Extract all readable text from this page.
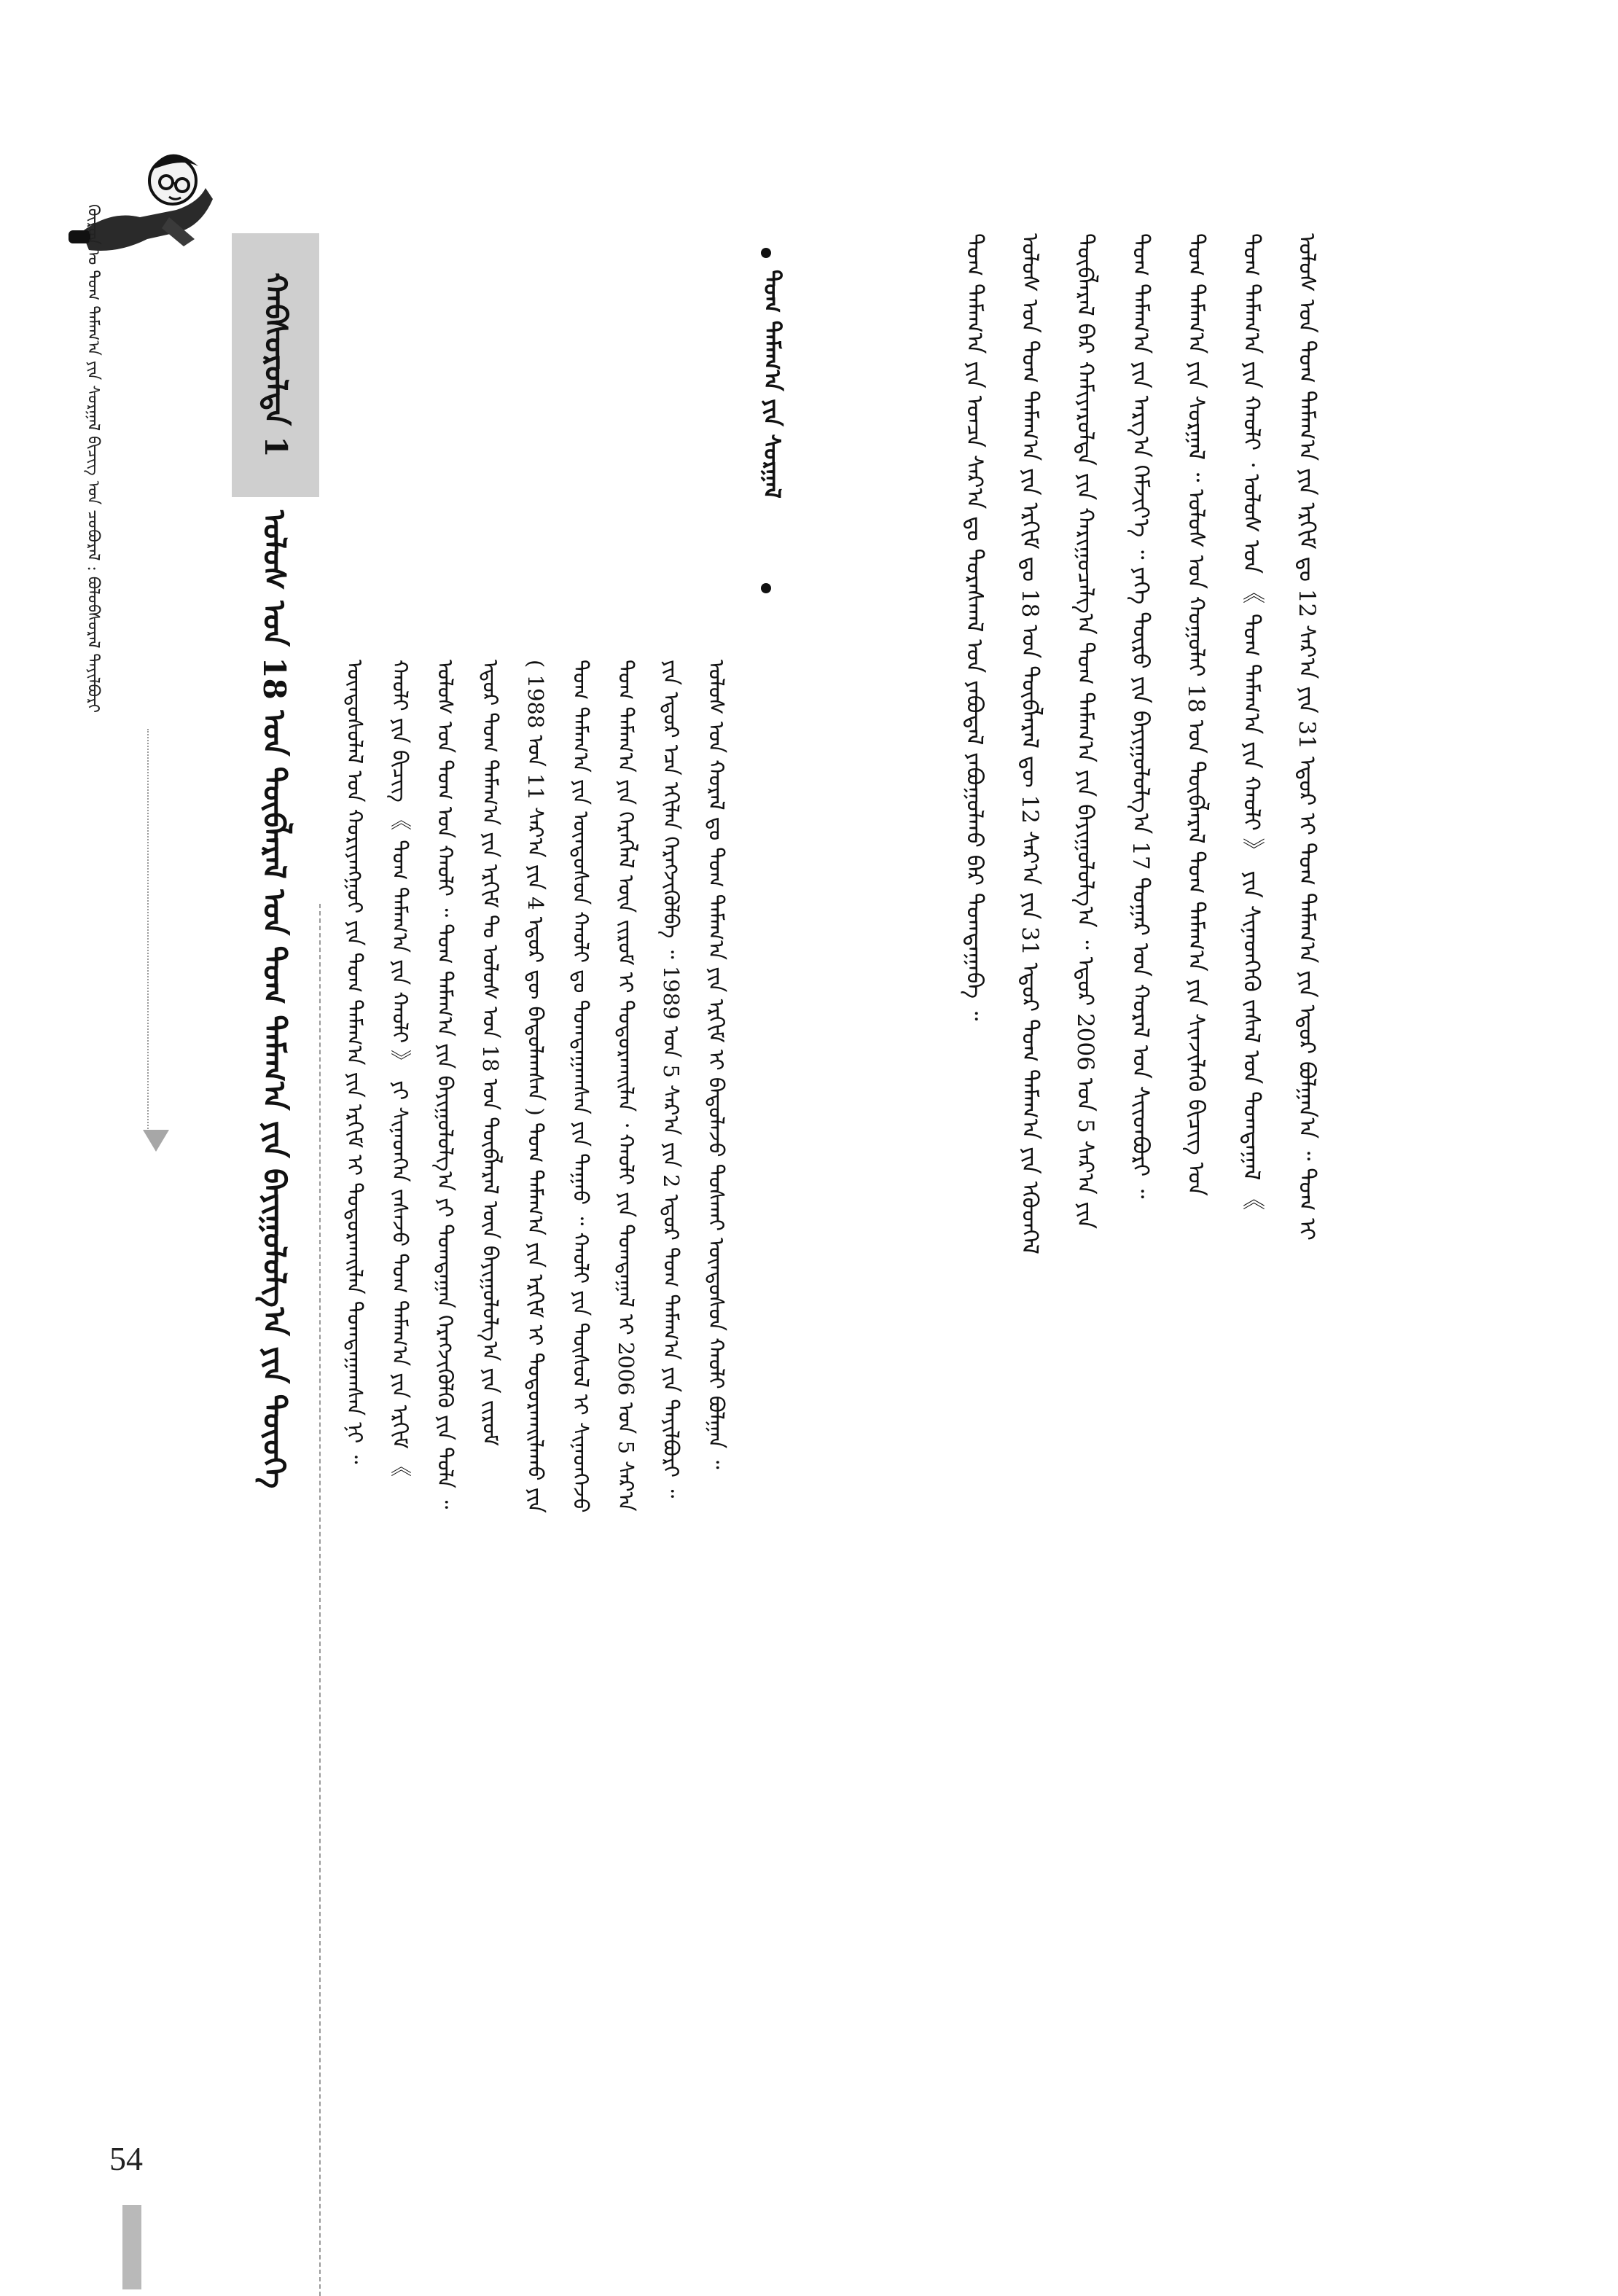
ᠭᠦᠷᠦᠨ ᠤ ᠲᠤᠭ ᠲᠠᠮᠠᠭ᠎ᠠ ᠶᠢᠨ ᠰᠤᠷᠭᠠᠯ ᠪᠢᠴᠢᠭ ᠤᠨ ᠴᠤᠪᠤᠷᠠᠯ : ᠪᠤᠯᠤᠪᠰᠤᠷᠠᠯ ᠲᠠᠶᠢᠯᠪᠤᠷᠢ	ᠬᠠᠪᠰᠤᠷᠤᠯᠲᠠ 1
ᠤᠯᠤᠰ ᠤᠨ 18 ᠤᠨ ᠲᠦᠪᠯᠡᠷᠡᠯ ᠤᠨ ᠲᠤᠭ ᠲᠠᠮᠠᠭ᠎ᠠ ᠶᠢᠨ ᠪᠠᠶᠢᠭᠤᠯᠤᠯᠭ᠎ᠠ ᠶᠢᠨ ᠲᠦᠦᠬᠡ	ᠦᠨᠳᠦᠰᠦᠯᠡᠯ ᠤᠨ ᠬᠤᠷᠢᠶᠠᠩᠭᠤᠢ ᠶᠢᠨ ᠲᠤᠭ ᠲᠠᠮᠠᠭ᠎ᠠ ᠶᠢᠨ ᠡᠷᠬᠢᠮ ᠢ ᠲᠤᠳᠤᠷᠬᠠᠢᠯᠠᠨ ᠲᠣᠭᠲᠠᠭᠠᠭᠰᠠᠨ ᠨᠢ ᠃ ᠬᠠᠤᠯᠢ ᠶᠢᠨ ᠪᠢᠴᠢᠭ 《 ᠲᠤᠭ ᠲᠠᠮᠠᠭ᠎ᠠ ᠶᠢᠨ ᠬᠠᠤᠯᠢ 》 ᠶᠢ ᠰᠢᠨᠡᠳᠬᠡᠨ ᠵᠠᠰᠠᠵᠤ ᠲᠤᠭ ᠲᠠᠮᠠᠭ᠎ᠠ ᠶᠢᠨ ᠡᠷᠬᠢᠮ 《 ᠤᠯᠤᠰ ᠤᠨ ᠲᠤᠭ ᠤᠨ ᠬᠠᠤᠯᠢ ᠃ ᠲᠤᠭ ᠲᠠᠮᠠᠭ᠎ᠠ ᠶᠢᠨ ᠪᠠᠶᠢᠭᠤᠯᠤᠯᠭ᠎ᠠ ᠶᠢ ᠲᠣᠭᠲᠠᠭᠠᠨ ᠬᠡᠷᠡᠭᠵᠢᠭᠦᠯᠬᠦ ᠶᠢᠨ ᠲᠤᠯᠠ ᠃ ᠡᠳᠦᠷ ᠲᠤᠭ ᠲᠠᠮᠠᠭ᠎ᠠ ᠶᠢᠨ ᠡᠷᠬᠢᠮ ᠲᠤ ᠤᠯᠤᠰ ᠤᠨ 18 ᠤᠨ ᠲᠦᠪᠯᠡᠷᠡᠯ ᠦᠨ ᠪᠠᠶᠢᠭᠤᠯᠤᠯᠭ᠎ᠠ ᠶᠢᠨ ᠵᠢᠷᠤᠮ ( 1988 ᠤᠨ 11 ᠰᠠᠷ᠎ᠠ ᠶᠢᠨ 4 ᠡᠳᠦᠷ ᠳᠦ ᠪᠠᠲᠤᠯᠠᠭᠰᠠᠨ ) ᠲᠤᠭ ᠲᠠᠮᠠᠭ᠎ᠠ ᠶᠢᠨ ᠡᠷᠬᠢᠮ ᠢ ᠲᠤᠳᠤᠷᠬᠠᠢᠯᠠᠬᠤ ᠶᠢᠨ ᠲᠤᠭ ᠲᠠᠮᠠᠭ᠎ᠠ ᠶᠢᠨ ᠦᠨᠳᠦᠰᠦᠨ ᠬᠠᠤᠯᠢ ᠳᠤ ᠲᠣᠭᠲᠠᠭᠠᠭᠰᠠᠨ ᠶᠢᠨ ᠳᠠᠭᠠᠤ ᠃ ᠬᠠᠤᠯᠢ ᠶᠢᠨ ᠲᠦᠰᠦᠯ ᠢ ᠰᠢᠨᠡᠳᠬᠡᠵᠦ ᠲᠤᠭ ᠲᠠᠮᠠᠭ᠎ᠠ ᠶᠢᠨ ᠬᠡᠷᠡᠭᠯᠡᠯ ᠦᠨ ᠵᠢᠷᠤᠮ ᠢ ᠲᠤᠳᠤᠷᠬᠠᠢᠯᠠᠨ ᠂ ᠬᠠᠤᠯᠢ ᠶᠢᠨ ᠲᠣᠭᠲᠠᠭᠠᠯ ᠢ 2006 ᠤᠨ 5 ᠰᠠᠷ᠎ᠠ ᠶᠢᠨ ᠡᠳᠦᠷ ᠡᠴᠡ ᠡᠬᠢᠯᠡᠨ ᠬᠡᠷᠡᠭᠵᠢᠭᠦᠯᠪᠡ ᠃ 1989 ᠤᠨ 5 ᠰᠠᠷ᠎ᠠ ᠶᠢᠨ 2 ᠡᠳᠦᠷ ᠲᠤᠭ ᠲᠠᠮᠠᠭ᠎ᠠ ᠶᠢᠨ ᠲᠠᠶᠢᠯᠪᠤᠷᠢ ᠃ ᠤᠯᠤᠰ ᠤᠨ ᠬᠤᠷᠠᠯ ᠳᠤ ᠲᠤᠭ ᠲᠠᠮᠠᠭ᠎ᠠ ᠶᠢᠨ ᠡᠷᠬᠢᠮ ᠢ ᠪᠠᠲᠤᠯᠠᠵᠤ ᠲᠤᠰᠬᠠᠢ ᠦᠨᠳᠦᠰᠦᠨ ᠬᠠᠤᠯᠢ ᠪᠣᠯᠭᠠᠨ ᠃
ᠲᠤᠭ ᠲᠠᠮᠠᠭ᠎ᠠ ᠶᠢᠨ ᠰᠤᠷᠭᠠᠯ	ᠲᠤᠭ ᠲᠠᠮᠠᠭ᠎ᠠ ᠶᠢᠨ ᠤᠨᠴᠠ ᠰᠠᠷ᠎ᠠ ᠳᠤ ᠳᠤᠷᠠᠰᠬᠠᠯ ᠤᠨ ᠶᠠᠪᠤᠳᠠᠯ ᠶᠠᠪᠤᠭᠤᠯᠬᠤ ᠪᠠᠷ ᠲᠣᠭᠲᠠᠭᠠᠪᠠ ᠃ ᠤᠯᠤᠰ ᠤᠨ ᠲᠤᠭ ᠲᠠᠮᠠᠭ᠎ᠠ ᠶᠢᠨ ᠡᠷᠬᠢᠮ ᠳᠤ 18 ᠤᠨ ᠲᠦᠪᠯᠡᠷᠡᠯ ᠳᠦ 12 ᠰᠠᠷ᠎ᠠ ᠶᠢᠨ 31 ᠡᠳᠦᠷ ᠲᠤᠭ ᠲᠠᠮᠠᠭ᠎ᠠ ᠶᠢᠨ ᠡᠭᠦᠳᠬᠡᠯ ᠲᠦᠪᠯᠡᠷᠡᠯ ᠪᠡᠷ ᠬᠠᠮᠢᠶᠠᠷᠤᠯᠲᠠ ᠶᠢᠨ ᠬᠠᠷᠢᠭᠤᠴᠠᠯᠭ᠎ᠠ ᠲᠤᠭ ᠲᠠᠮᠠᠭ᠎ᠠ ᠶᠢᠨ ᠪᠠᠶᠢᠭᠤᠯᠤᠯᠭ᠎ᠠ ᠃ ᠡᠳᠦᠷ 2006 ᠤᠨ 5 ᠰᠠᠷ᠎ᠠ ᠶᠢᠨ ᠲᠤᠭ ᠲᠠᠮᠠᠭ᠎ᠠ ᠶᠢᠨ ᠠᠷᠭ᠎ᠠ ᠬᠡᠮᠵᠢᠶ᠎ᠡ ᠃ ᠶᠡᠬᠡ ᠲᠦᠷᠦ ᠶᠢᠨ ᠪᠠᠶᠢᠭᠤᠯᠤᠯᠭ᠎ᠠ 17 ᠳᠤᠭᠠᠷ ᠤᠨ ᠬᠤᠷᠠᠯ ᠤᠨ ᠰᠢᠢᠳᠪᠦᠷᠢ ᠃ ᠲᠤᠭ ᠲᠠᠮᠠᠭ᠎ᠠ ᠶᠢᠨ ᠰᠤᠷᠭᠠᠯ ᠃ ᠤᠯᠤᠰ ᠤᠨ ᠬᠤᠭᠤᠯᠠᠢ 18 ᠤᠨ ᠲᠦᠪᠯᠡᠷᠡᠯ ᠲᠤᠭ ᠲᠠᠮᠠᠭ᠎ᠠ ᠶᠢᠨ ᠰᠢᠨᠵᠢᠯᠡᠬᠦ ᠪᠢᠴᠢᠭ ᠤᠨ ᠲᠤᠭ ᠲᠠᠮᠠᠭ᠎ᠠ ᠶᠢᠨ ᠬᠠᠤᠯᠢ ᠂ ᠤᠯᠤᠰ ᠤᠨ 《 ᠲᠤᠭ ᠲᠠᠮᠠᠭ᠎ᠠ ᠶᠢᠨ ᠬᠠᠤᠯᠢ 》 ᠶᠢᠨ ᠰᠢᠨᠡᠳᠬᠡᠬᠦ ᠵᠠᠰᠠᠯ ᠤᠨ ᠲᠣᠭᠲᠠᠭᠠᠯ 《 ᠤᠯᠤᠰ ᠤᠨ ᠲᠤᠭ ᠲᠠᠮᠠᠭ᠎ᠠ ᠶᠢᠨ ᠡᠷᠬᠢᠮ ᠳᠤ 12 ᠰᠠᠷ᠎ᠠ ᠶᠢᠨ 31 ᠡᠳᠦᠷ ᠢ ᠲᠤᠭ ᠲᠠᠮᠠᠭ᠎ᠠ ᠶᠢᠨ ᠡᠳᠦᠷ ᠪᠣᠯᠭᠠᠨ᠎ᠠ ᠃ ᠲᠤᠭ ᠢ
54
